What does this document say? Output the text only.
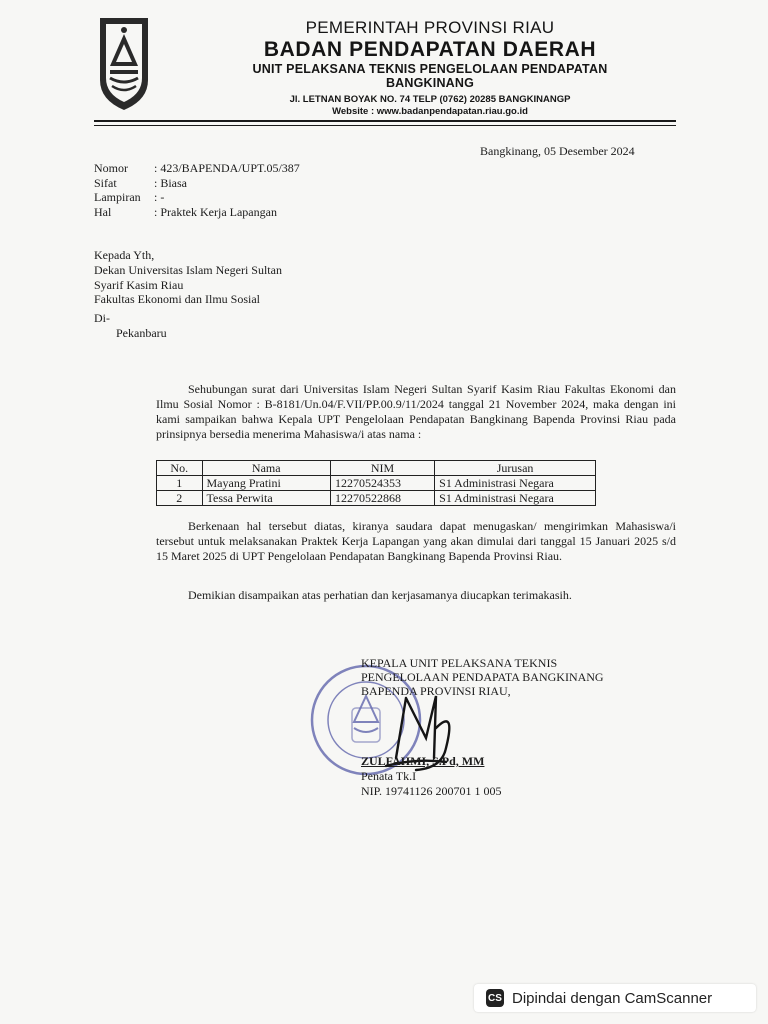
PEMERINTAH PROVINSI RIAU
BADAN PENDAPATAN DAERAH
UNIT PELAKSANA TEKNIS PENGELOLAAN PENDAPATAN
BANGKINANG
Jl. LETNAN BOYAK NO. 74 TELP (0762) 20285 BANGKINANGP
Website : www.badanpendapatan.riau.go.id
Bangkinang, 05 Desember 2024
Nomor	: 423/BAPENDA/UPT.05/387
Sifat	: Biasa
Lampiran	: -
Hal	: Praktek Kerja Lapangan
Kepada Yth,
Dekan Universitas Islam Negeri Sultan
Syarif Kasim Riau
Fakultas Ekonomi dan Ilmu Sosial
Di-
Pekanbaru
Sehubungan surat dari Universitas Islam Negeri Sultan Syarif Kasim Riau Fakultas Ekonomi dan Ilmu Sosial Nomor : B-8181/Un.04/F.VII/PP.00.9/11/2024 tanggal 21 November 2024, maka dengan ini kami sampaikan bahwa Kepala UPT Pengelolaan Pendapatan Bangkinang Bapenda Provinsi Riau pada prinsipnya bersedia menerima Mahasiswa/i atas nama :
No.	Nama	NIM	Jurusan
1	Mayang Pratini	12270524353	S1 Administrasi Negara
2	Tessa Perwita	12270522868	S1 Administrasi Negara
Berkenaan hal tersebut diatas, kiranya saudara dapat menugaskan/ mengirimkan Mahasiswa/i tersebut untuk melaksanakan Praktek Kerja Lapangan yang akan dimulai dari tanggal 15 Januari 2025 s/d 15 Maret 2025 di UPT Pengelolaan Pendapatan Bangkinang Bapenda Provinsi Riau.
Demikian disampaikan atas perhatian dan kerjasamanya diucapkan terimakasih.
KEPALA UNIT PELAKSANA TEKNIS
PENGELOLAAN PENDAPATA BANGKINANG
BAPENDA PROVINSI RIAU,
ZULFAHMI, S.Pd, MM
Penata Tk.I
NIP. 19741126 200701 1 005
CS Dipindai dengan CamScanner
